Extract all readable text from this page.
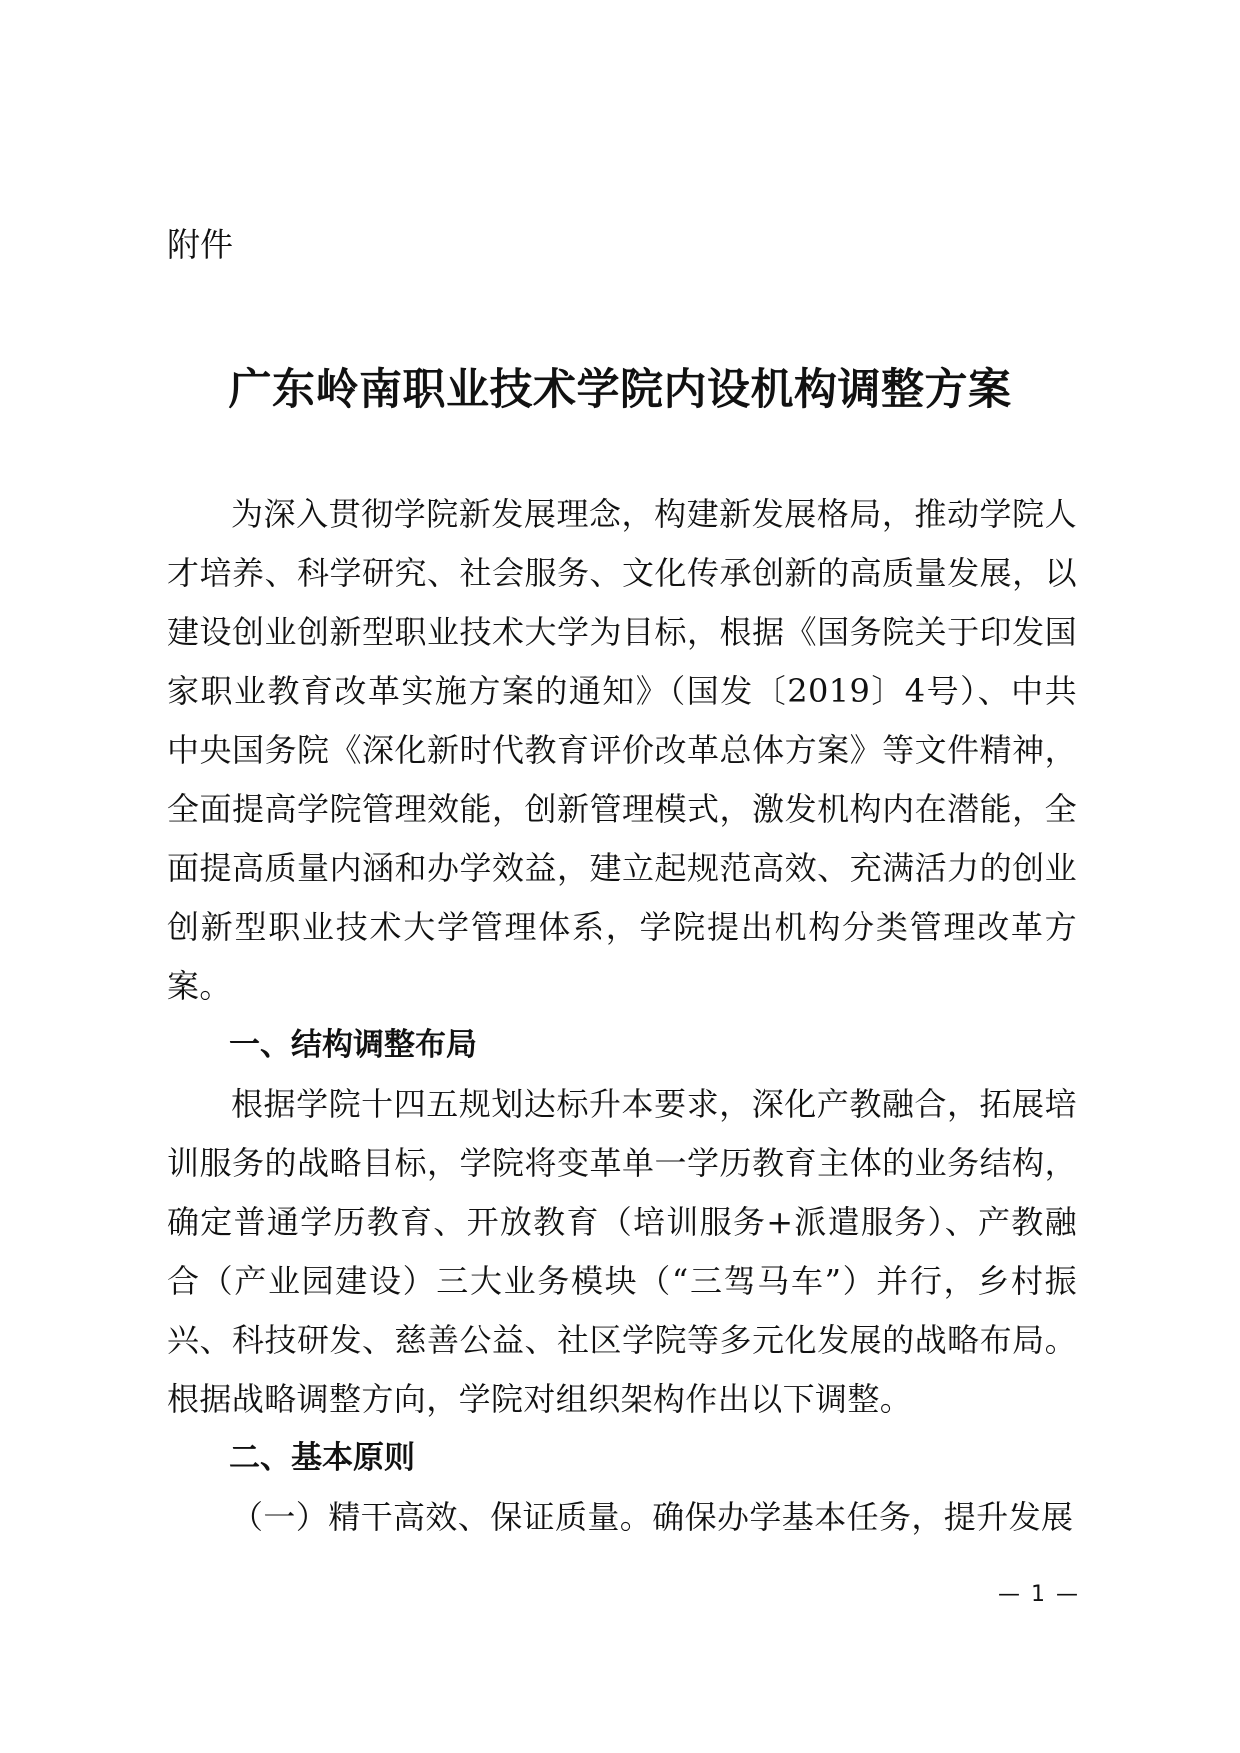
附件

广东岭南职业技术学院内设机构调整方案

为深入贯彻学院新发展理念，构建新发展格局，推动学院人才培养、科学研究、社会服务、文化传承创新的高质量发展，以建设创业创新型职业技术大学为目标，根据《国务院关于印发国家职业教育改革实施方案的通知》（国发〔2019〕4号）、中共中央国务院《深化新时代教育评价改革总体方案》等文件精神，全面提高学院管理效能，创新管理模式，激发机构内在潜能，全面提高质量内涵和办学效益，建立起规范高效、充满活力的创业创新型职业技术大学管理体系，学院提出机构分类管理改革方案。

一、结构调整布局

根据学院十四五规划达标升本要求，深化产教融合，拓展培训服务的战略目标，学院将变革单一学历教育主体的业务结构，确定普通学历教育、开放教育（培训服务+派遣服务）、产教融合（产业园建设）三大业务模块（“三驾马车”）并行，乡村振兴、科技研发、慈善公益、社区学院等多元化发展的战略布局。根据战略调整方向，学院对组织架构作出以下调整。

二、基本原则

（一）精干高效、保证质量。确保办学基本任务，提升发展

— 1 —
